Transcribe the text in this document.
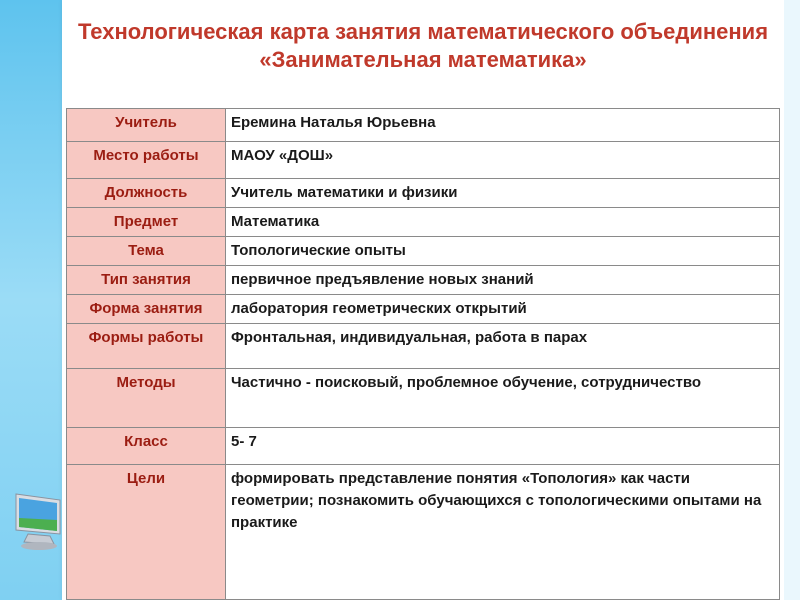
Технологическая карта занятия математического объединения «Занимательная математика»
Учитель	Еремина Наталья Юрьевна
Место работы	МАОУ «ДОШ»
Должность	Учитель математики и физики
Предмет	Математика
Тема	Топологические опыты
Тип занятия	первичное предъявление новых знаний
Форма занятия	лаборатория геометрических открытий
Формы работы	Фронтальная, индивидуальная, работа в парах
Методы	Частично - поисковый, проблемное обучение, сотрудничество
Класс	5- 7
Цели	формировать представление понятия «Топология» как части геометрии; познакомить обучающихся с топологическими опытами на практике
